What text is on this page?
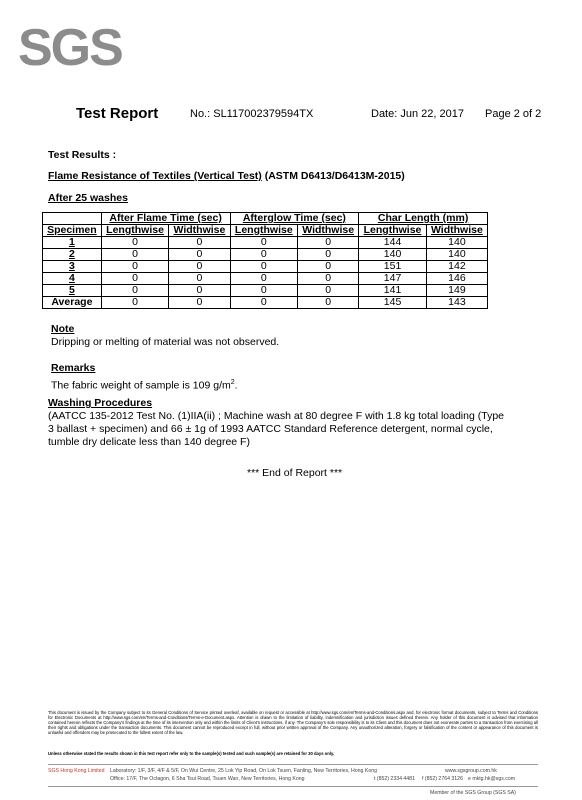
SGS
Test Report	No.: SL117002379594TX	Date: Jun 22, 2017 Page 2 of 2
Test Results :
Flame Resistance of Textiles (Vertical Test) (ASTM D6413/D6413M-2015)
After 25 washes
	After Flame Time (sec)		Afterglow Time (sec)		Char Length (mm)	
Specimen	Lengthwise	Widthwise	Lengthwise	Widthwise	Lengthwise	Widthwise
1	0	0	0	0	144	140
2	0	0	0	0	140	140
3	0	0	0	0	151	142
4	0	0	0	0	147	146
5	0	0	0	0	141	149
Average	0	0	0	0	145	143
Note
Dripping or melting of material was not observed.
Remarks
The fabric weight of sample is 109 $g/m^2$.
Washing Procedures
(AATCC 135-2012 Test No. (1)IIA(ii) ; Machine wash at 80 degree F with 1.8 kg total loading (Type 3 ballast + specimen) and 66 ± 1g of 1993 AATCC Standard Reference detergent, normal cycle, tumble dry delicate less than 140 degree F)
*** End of Report ***
This document is issued by the Company subject to its General Conditions of Service printed overleaf, available on request or accessible at http://www.sgs.com/en/Terms-and-Conditions.aspx and, for electronic format documents, subject to Terms and Conditions for Electronic Documents at http://www.sgs.com/en/Terms-and-Conditions/Terms-e-Document.aspx. Attention is drawn to the limitation of liability, indemnification and jurisdiction issues defined therein. Any holder of this document is advised that information contained hereon reflects the Company's findings at the time of its intervention only and within the limits of Client's instructions, if any. The Company's sole responsibility is to its Client and this document does not exonerate parties to a transaction from exercising all their rights and obligations under the transaction documents. This document cannot be reproduced except in full, without prior written approval of the Company. Any unauthorized alteration, forgery or falsification of the content or appearance of this document is unlawful and offenders may be prosecuted to the fullest extent of the law.
Unless otherwise stated the results shown in this test report refer only to the sample(s) tested and such sample(s) are retained for 30 days only.
SGS Hong Kong Limited Laboratory: 1/F, 3/F, 4/F & 5/F, On Wui Centre, 25 Lok Yip Road, On Lok Tsuen, Fanling, New Territories, Hong Kong	www.sgsgroup.com.hk
Office: 17/F, The Octagon, 6 Sha Tsui Road, Tsuen Wan, New Territories, Hong Kong	t (852) 2334 4481 f (852) 2764 3126 e mktg.hk@sgs.com
Member of the SGS Group (SGS SA)
